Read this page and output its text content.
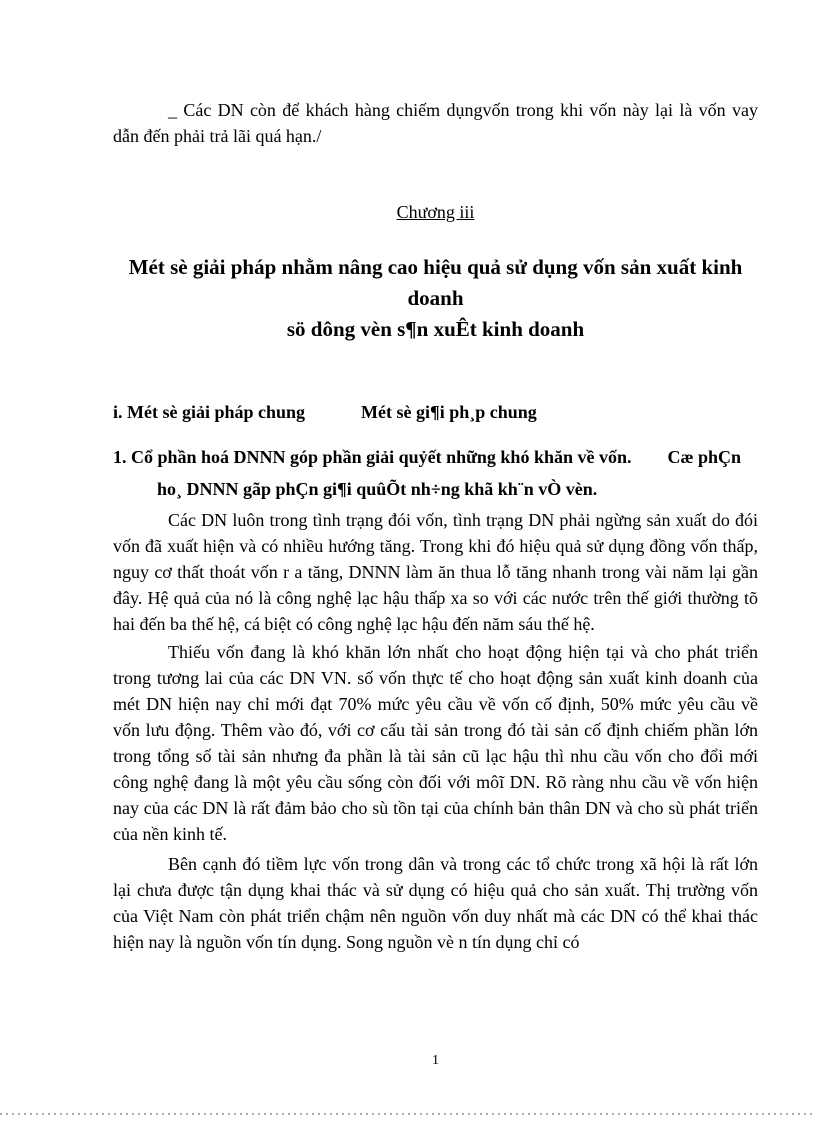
_ Các DN còn để khách hàng chiếm dụngvốn trong khi vốn này lại là vốn vay dẫn đến phải trả lãi quá hạn./

Chương iii

Mét sè giải pháp nhằm nâng cao hiệu quả sử dụng vốn sản xuất kinh doanh
sö dông vèn s¶n xuÊt kinh doanh

i. Mét sè giải pháp chung	Mét sè gi¶i ph¸p chung

1. Cổ phần hoá DNNN góp phần giải quỷết những khó khăn về vốn. Cæ phÇn ho¸ DNNN gãp phÇn gi¶i quûÕt nh÷ng khã kh¨n vÒ vèn.

Các DN luôn trong tình trạng đói vốn, tình trạng DN phải ngừng sản xuất do đói vốn đã xuất hiện và có nhiều hướng tăng. Trong khi đó hiệu quả sử dụng đồng vốn thấp, nguy cơ thất thoát vốn r a tăng, DNNN làm ăn thua lỗ tăng nhanh trong vài năm lại gần đây. Hệ quả của nó là công nghệ lạc hậu thấp xa so với các nước trên thế giới thường tõ hai đến ba thế hệ, cá biệt có công nghệ lạc hậu đến năm sáu thế hệ.

Thiếu vốn đang là khó khăn lớn nhất cho hoạt động hiện tại và cho phát triển trong tương lai của các DN VN. số vốn thực tế cho hoạt động sản xuất kinh doanh của mét DN hiện nay chỉ mới đạt 70% mức yêu cầu về vốn cố định, 50% mức yêu cầu về vốn lưu động. Thêm vào đó, với cơ cấu tài sản trong đó tài sản cố định chiếm phần lớn trong tổng số tài sản nhưng đa phần là tài sản cũ lạc hậu thì nhu cầu vốn cho đổi mới công nghệ đang là một yêu cầu sống còn đối với môĩ DN. Rõ ràng nhu cầu về vốn hiện nay của các DN là rất đảm bảo cho sù tồn tại của chính bản thân DN và cho sù phát triển của nền kinh tế.

Bên cạnh đó tiềm lực vốn trong dân và trong các tổ chức trong xã hội là rất lớn lại chưa được tận dụng khai thác và sử dụng có hiệu quả cho sản xuất. Thị trường vốn của Việt Nam còn phát triển chậm nên nguồn vốn duy nhất mà các DN có thể khai thác hiện nay là nguồn vốn tín dụng. Song nguồn vè n tín dụng chỉ có

1
